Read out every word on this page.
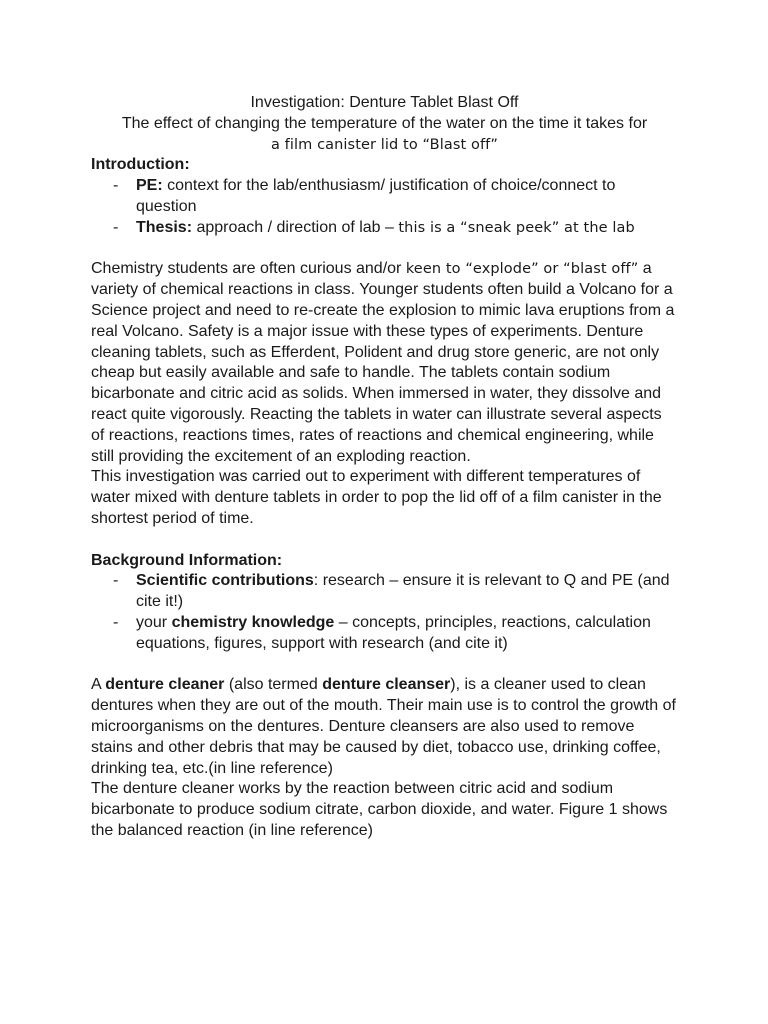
Investigation: Denture Tablet Blast Off

The effect of changing the temperature of the water on the time it takes for

a film canister lid to “Blast off”

Introduction:
- PE: context for the lab/enthusiasm/ justification of choice/connect to question
- Thesis: approach / direction of lab – this is a “sneak peek” at the lab

Chemistry students are often curious and/or keen to “explode” or “blast off” a variety of chemical reactions in class. Younger students often build a Volcano for a Science project and need to re-create the explosion to mimic lava eruptions from a real Volcano. Safety is a major issue with these types of experiments. Denture cleaning tablets, such as Efferdent, Polident and drug store generic, are not only cheap but easily available and safe to handle. The tablets contain sodium bicarbonate and citric acid as solids. When immersed in water, they dissolve and react quite vigorously. Reacting the tablets in water can illustrate several aspects of reactions, reactions times, rates of reactions and chemical engineering, while still providing the excitement of an exploding reaction.

This investigation was carried out to experiment with different temperatures of water mixed with denture tablets in order to pop the lid off of a film canister in the shortest period of time.

Background Information:
- Scientific contributions: research – ensure it is relevant to Q and PE (and cite it!)
- your chemistry knowledge – concepts, principles, reactions, calculation equations, figures, support with research (and cite it)

A denture cleaner (also termed denture cleanser), is a cleaner used to clean dentures when they are out of the mouth. Their main use is to control the growth of microorganisms on the dentures. Denture cleansers are also used to remove stains and other debris that may be caused by diet, tobacco use, drinking coffee, drinking tea, etc.(in line reference)

The denture cleaner works by the reaction between citric acid and sodium bicarbonate to produce sodium citrate, carbon dioxide, and water. Figure 1 shows the balanced reaction (in line reference)
